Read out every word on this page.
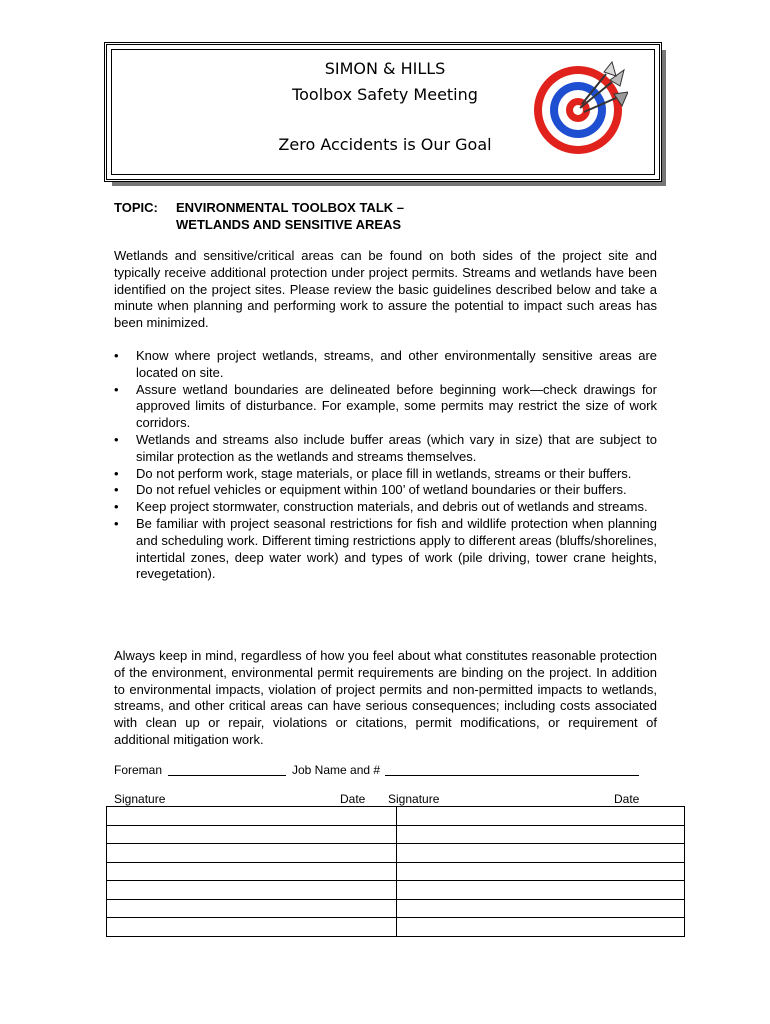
SIMON & HILLS
Toolbox Safety Meeting
Zero Accidents is Our Goal
TOPIC: ENVIRONMENTAL TOOLBOX TALK –
WETLANDS AND SENSITIVE AREAS

Wetlands and sensitive/critical areas can be found on both sides of the project site and typically receive additional protection under project permits. Streams and wetlands have been identified on the project sites. Please review the basic guidelines described below and take a minute when planning and performing work to assure the potential to impact such areas has been minimized.

• Know where project wetlands, streams, and other environmentally sensitive areas are located on site.
• Assure wetland boundaries are delineated before beginning work—check drawings for approved limits of disturbance. For example, some permits may restrict the size of work corridors.
• Wetlands and streams also include buffer areas (which vary in size) that are subject to similar protection as the wetlands and streams themselves.
• Do not perform work, stage materials, or place fill in wetlands, streams or their buffers.
• Do not refuel vehicles or equipment within 100’ of wetland boundaries or their buffers.
• Keep project stormwater, construction materials, and debris out of wetlands and streams.
• Be familiar with project seasonal restrictions for fish and wildlife protection when planning and scheduling work. Different timing restrictions apply to different areas (bluffs/shorelines, intertidal zones, deep water work) and types of work (pile driving, tower crane heights, revegetation).

Always keep in mind, regardless of how you feel about what constitutes reasonable protection of the environment, environmental permit requirements are binding on the project. In addition to environmental impacts, violation of project permits and non-permitted impacts to wetlands, streams, and other critical areas can have serious consequences; including costs associated with clean up or repair, violations or citations, permit modifications, or requirement of additional mitigation work.

Foreman	Job Name and #
Signature	Date Signature	Date
